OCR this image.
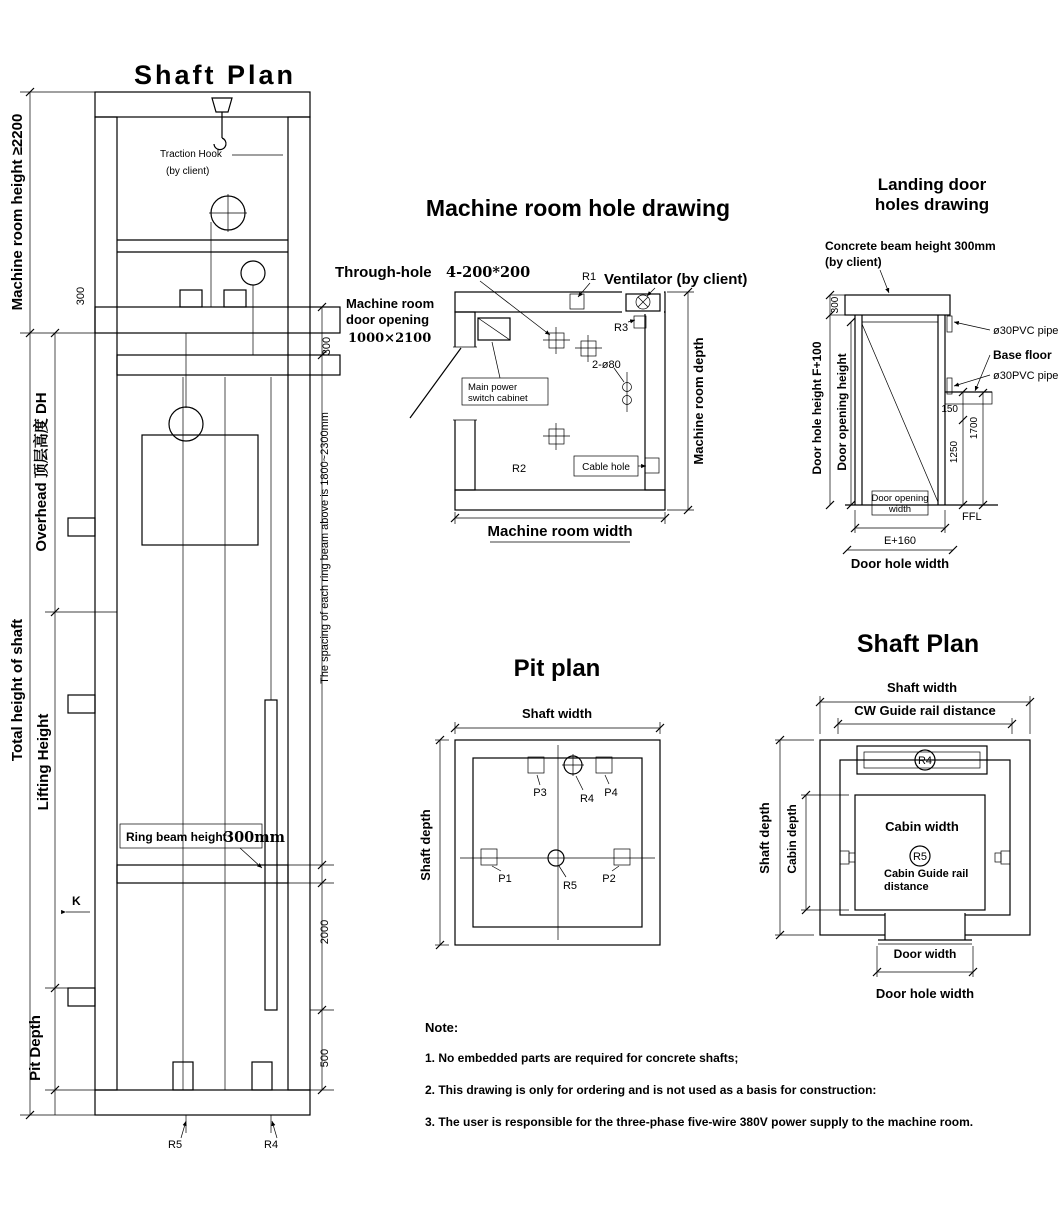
Shaft Plan
Traction Hook
(by client)
Machine room height ≥2200	300
300
Overhead 顶层高度 DH
Total height of shaft
Lifting Height
The spacing of each ring beam above is 1800~2300mm
Ring beam height
300mm
2000
K
Pit Depth	500
R5	R4
Machine room hole drawing
Through-hole 4-200*200	R1 Ventilator (by client)
R3
Machine room
door opening
1000×2100
Main power
switch cabinet
2-ø80
R2	Cable hole
Machine room depth
Machine room width
Landing door
holes drawing
Concrete beam height 300mm
(by client)
300
Door hole height F+100 Door opening height
ø30PVC pipe
Base floor
ø30PVC pipe
150
1250
1700
Door opening
width
FFL
E+160
Door hole width
Pit plan
Shaft width
Shaft depth
P3	R4 P4
P1
R5
P2
Shaft Plan
Shaft width
CW Guide rail distance
R4
Cabin width
R5
Cabin Guide rail
distance
Shaft depth Cabin depth
Door width
Door hole width
Note:
1. No embedded parts are required for concrete shafts;
2. This drawing is only for ordering and is not used as a basis for construction:
3. The user is responsible for the three-phase five-wire 380V power supply to the machine room.
